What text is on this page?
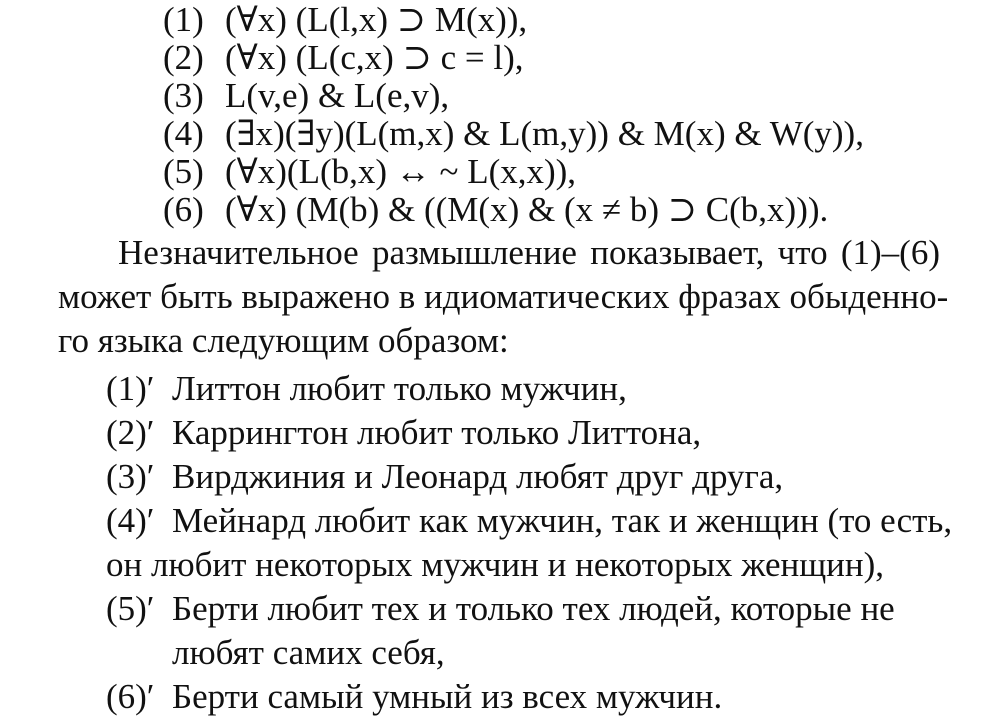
(1) (∀x) (L(l,x) ⊃ M(x)),
(2) (∀x) (L(c,x) ⊃ c = l),
(3) L(v,e) & L(e,v),
(4) (∃x)(∃y)(L(m,x) & L(m,y)) & M(x) & W(y)),
(5) (∀x)(L(b,x) ↔ ~ L(x,x)),
(6) (∀x) (M(b) & ((M(x) & (x ≠ b) ⊃ C(b,x))).
Незначительное размышление показывает, что (1)–(6)
может быть выражено в идиоматических фразах обыденно-
го языка следующим образом:
(1)′ Литтон любит только мужчин,
(2)′ Каррингтон любит только Литтона,
(3)′ Вирджиния и Леонард любят друг друга,
(4)′ Мейнард любит как мужчин, так и женщин (то есть,
он любит некоторых мужчин и некоторых женщин),
(5)′ Берти любит тех и только тех людей, которые не
любят самих себя,
(6)′ Берти самый умный из всех мужчин.
